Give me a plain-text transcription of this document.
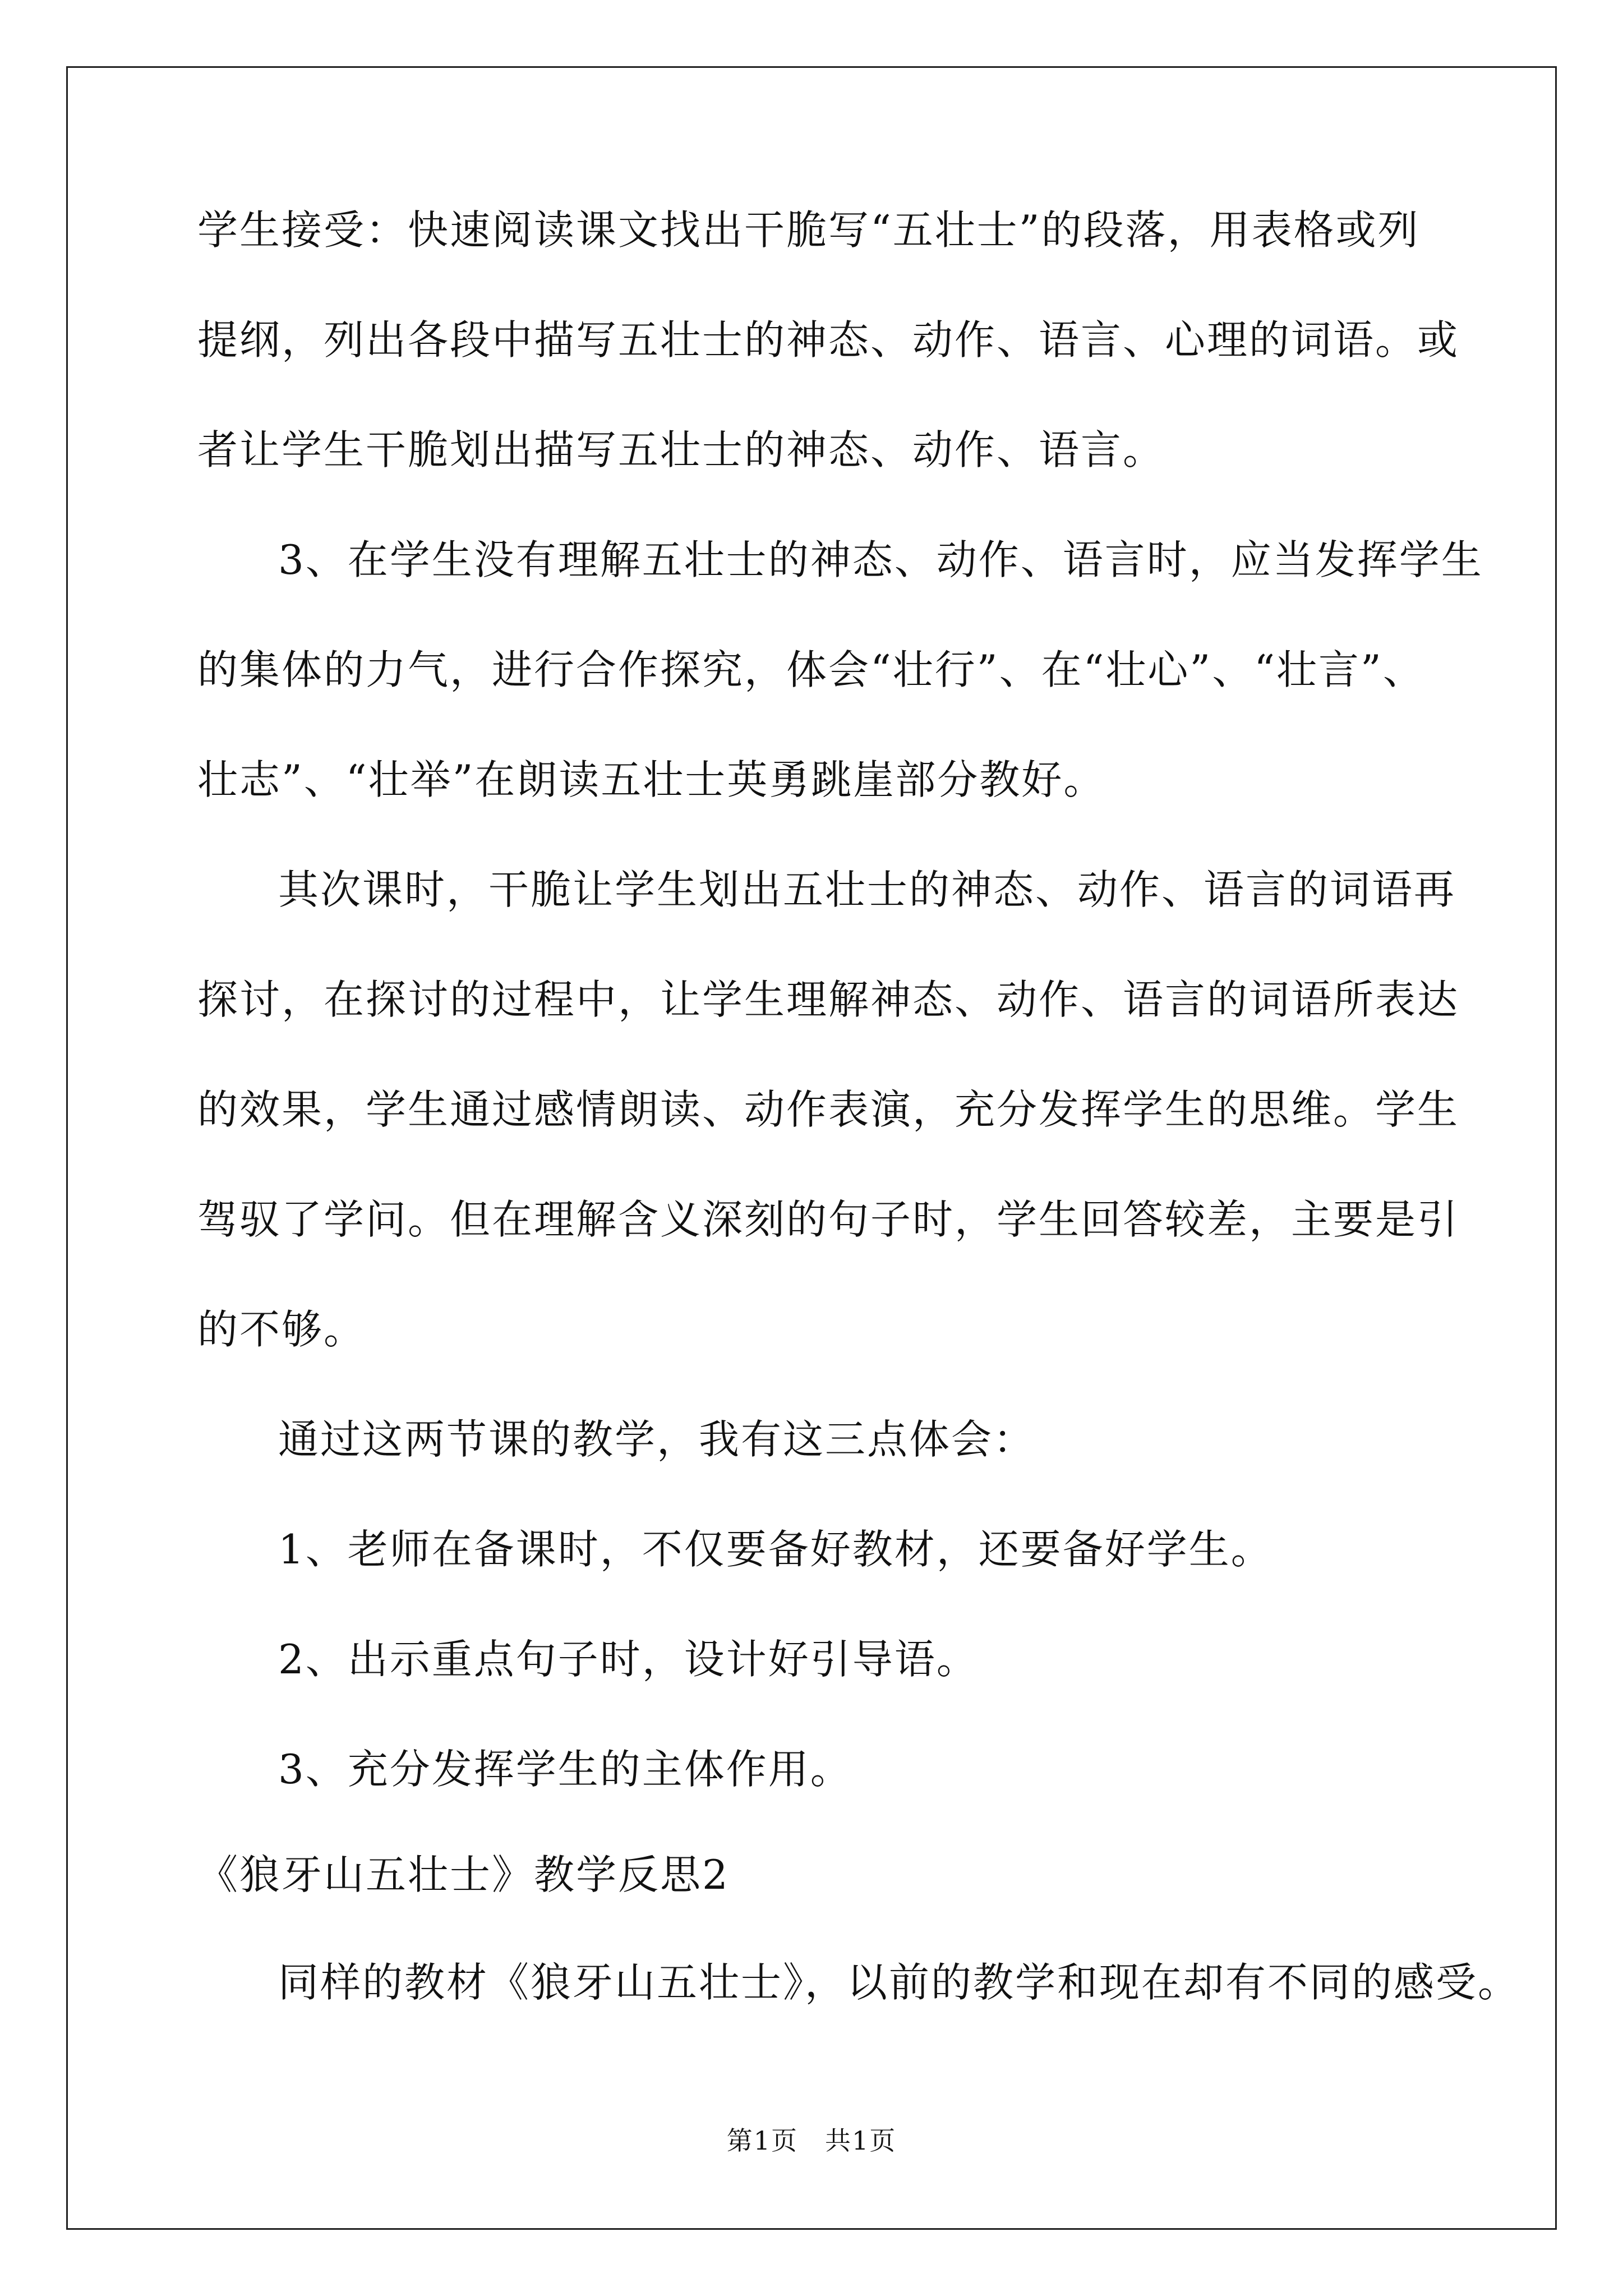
学生接受：快速阅读课文找出干脆写“五壮士”的段落，用表格或列
提纲，列出各段中描写五壮士的神态、动作、语言、心理的词语。或
者让学生干脆划出描写五壮士的神态、动作、语言。
3、在学生没有理解五壮士的神态、动作、语言时，应当发挥学生
的集体的力气，进行合作探究，体会“壮行”、在“壮心”、“壮言”、
壮志”、“壮举”在朗读五壮士英勇跳崖部分教好。
其次课时，干脆让学生划出五壮士的神态、动作、语言的词语再
探讨，在探讨的过程中，让学生理解神态、动作、语言的词语所表达
的效果，学生通过感情朗读、动作表演，充分发挥学生的思维。学生
驾驭了学问。但在理解含义深刻的句子时，学生回答较差，主要是引
的不够。
通过这两节课的教学，我有这三点体会：
1、老师在备课时，不仅要备好教材，还要备好学生。
2、出示重点句子时，设计好引导语。
3、充分发挥学生的主体作用。
《狼牙山五壮士》教学反思2
同样的教材《狼牙山五壮士》，以前的教学和现在却有不同的感受。
第1页　共1页
